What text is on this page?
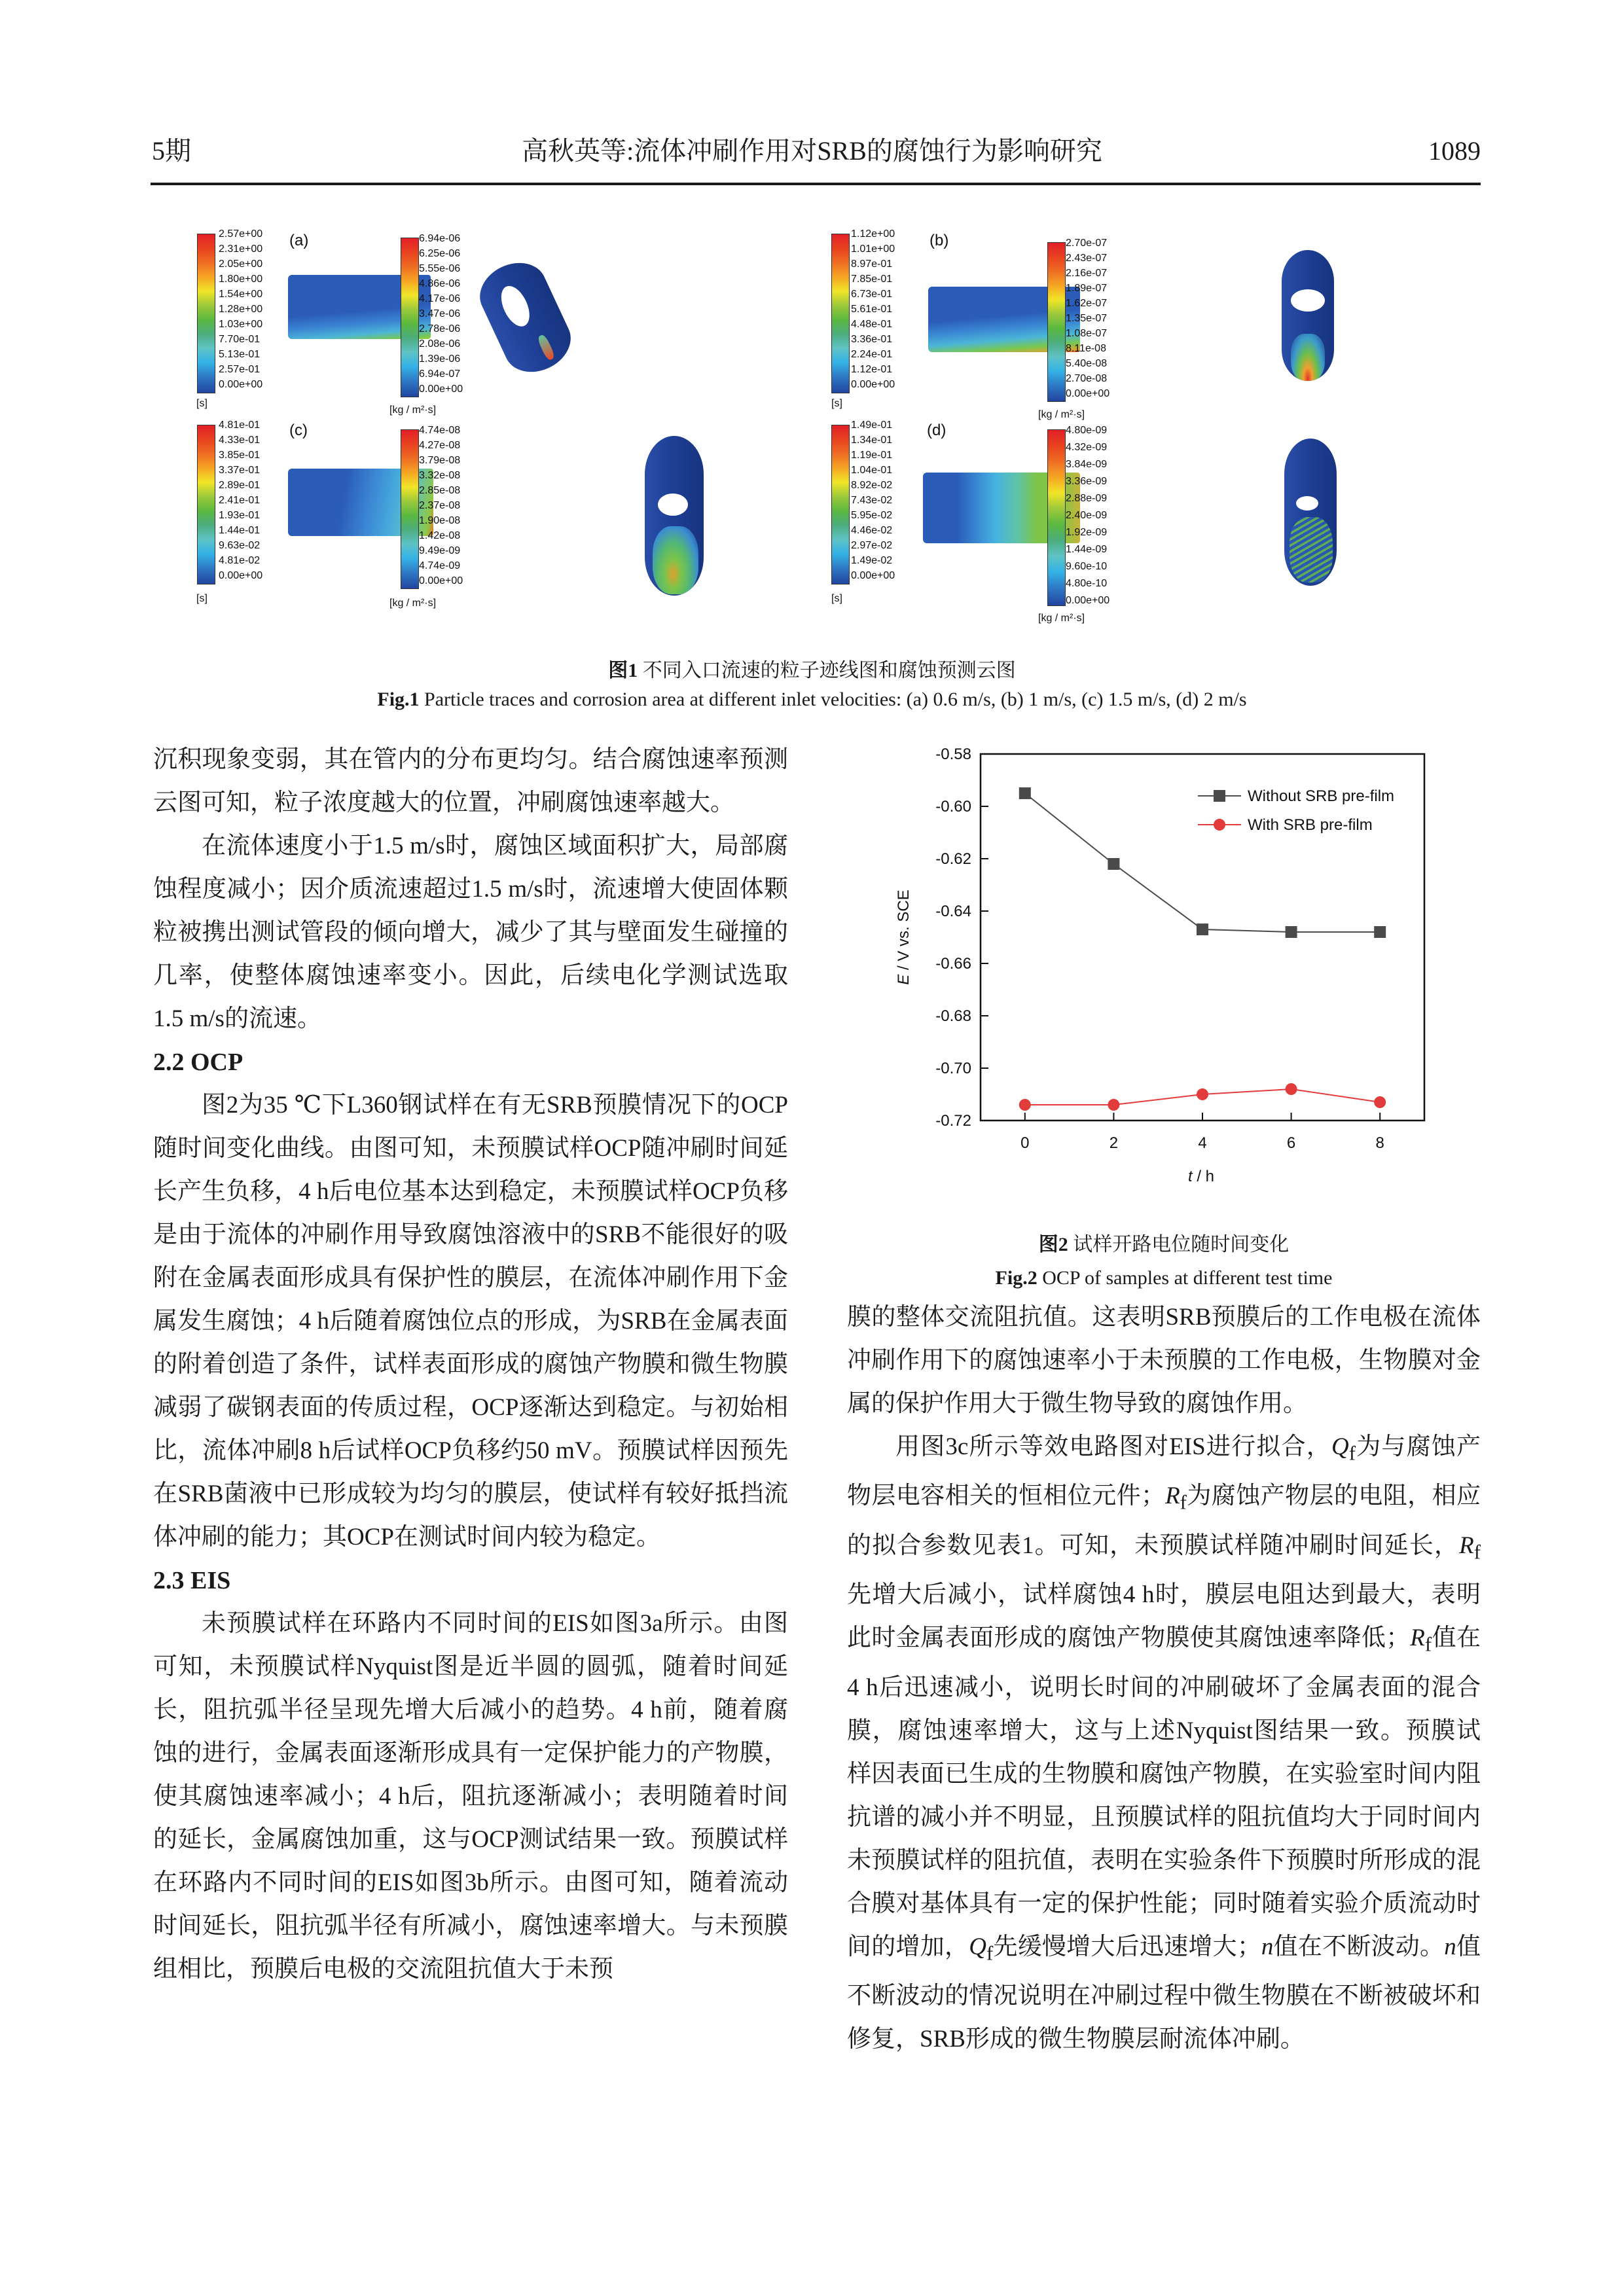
5期	高秋英等:流体冲刷作用对SRB的腐蚀行为影响研究	1089
2.57e+00
2.31e+00
2.05e+00
1.80e+00
1.54e+00
1.28e+00
1.03e+00
7.70e-01
5.13e-01
2.57e-01
0.00e+00
[s]
(a)	6.94e-06
6.25e-06
5.55e-06
4.86e-06
4.17e-06
3.47e-06
2.78e-06
2.08e-06
1.39e-06
6.94e-07
0.00e+00
[kg / m²·s]
1.12e+00
1.01e+00
8.97e-01
7.85e-01
6.73e-01
5.61e-01
4.48e-01
3.36e-01
2.24e-01
1.12e-01
0.00e+00
[s]
(b)	2.70e-07
2.43e-07
2.16e-07
1.89e-07
1.62e-07
1.35e-07
1.08e-07
8.11e-08
5.40e-08
2.70e-08
0.00e+00
[kg / m²·s]
4.81e-01
4.33e-01
3.85e-01
3.37e-01
2.89e-01
2.41e-01
1.93e-01
1.44e-01
9.63e-02
4.81e-02
0.00e+00
[s]
(c)	4.74e-08
4.27e-08
3.79e-08
3.32e-08
2.85e-08
2.37e-08
1.90e-08
1.42e-08
9.49e-09
4.74e-09
0.00e+00
[kg / m²·s]
1.49e-01
1.34e-01
1.19e-01
1.04e-01
8.92e-02
7.43e-02
5.95e-02
4.46e-02
2.97e-02
1.49e-02
0.00e+00
[s]
(d)	4.80e-09
4.32e-09
3.84e-09
3.36e-09
2.88e-09
2.40e-09
1.92e-09
1.44e-09
9.60e-10
4.80e-10
0.00e+00
[kg / m²·s]
图1 不同入口流速的粒子迹线图和腐蚀预测云图
Fig.1 Particle traces and corrosion area at different inlet velocities: (a) 0.6 m/s, (b) 1 m/s, (c) 1.5 m/s, (d) 2 m/s

沉积现象变弱，其在管内的分布更均匀。结合腐蚀速率预测云图可知，粒子浓度越大的位置，冲刷腐蚀速率越大。

在流体速度小于1.5 m/s时，腐蚀区域面积扩大，局部腐蚀程度减小；因介质流速超过1.5 m/s时，流速增大使固体颗粒被携出测试管段的倾向增大，减少了其与壁面发生碰撞的几率，使整体腐蚀速率变小。因此，后续电化学测试选取1.5 m/s的流速。

2.2 OCP

图2为35 ℃下L360钢试样在有无SRB预膜情况下的OCP随时间变化曲线。由图可知，未预膜试样OCP随冲刷时间延长产生负移，4 h后电位基本达到稳定，未预膜试样OCP负移是由于流体的冲刷作用导致腐蚀溶液中的SRB不能很好的吸附在金属表面形成具有保护性的膜层，在流体冲刷作用下金属发生腐蚀；4 h后随着腐蚀位点的形成，为SRB在金属表面的附着创造了条件，试样表面形成的腐蚀产物膜和微生物膜减弱了碳钢表面的传质过程，OCP逐渐达到稳定。与初始相比，流体冲刷8 h后试样OCP负移约50 mV。预膜试样因预先在SRB菌液中已形成较为均匀的膜层，使试样有较好抵挡流体冲刷的能力；其OCP在测试时间内较为稳定。

2.3 EIS

未预膜试样在环路内不同时间的EIS如图3a所示。由图可知，未预膜试样Nyquist图是近半圆的圆弧，随着时间延长，阻抗弧半径呈现先增大后减小的趋势。4 h前，随着腐蚀的进行，金属表面逐渐形成具有一定保护能力的产物膜，使其腐蚀速率减小；4 h后，阻抗逐渐减小；表明随着时间的延长，金属腐蚀加重，这与OCP测试结果一致。预膜试样在环路内不同时间的EIS如图3b所示。由图可知，随着流动时间延长，阻抗弧半径有所减小，腐蚀速率增大。与未预膜组相比，预膜后电极的交流阻抗值大于未预

-0.58
-0.60
-0.62
-0.64
-0.66
-0.68
-0.70
-0.72
0	2	4	6	8
E / V vs. SCE
t / h
Without SRB pre-film
With SRB pre-film
图2 试样开路电位随时间变化
Fig.2 OCP of samples at different test time

膜的整体交流阻抗值。这表明SRB预膜后的工作电极在流体冲刷作用下的腐蚀速率小于未预膜的工作电极，生物膜对金属的保护作用大于微生物导致的腐蚀作用。

用图3c所示等效电路图对EIS进行拟合，$Q_f$为与腐蚀产物层电容相关的恒相位元件；$R_f$为腐蚀产物层的电阻，相应的拟合参数见表1。可知，未预膜试样随冲刷时间延长，$R_f$先增大后减小，试样腐蚀4 h时，膜层电阻达到最大，表明此时金属表面形成的腐蚀产物膜使其腐蚀速率降低；$R_f$值在4 h后迅速减小，说明长时间的冲刷破坏了金属表面的混合膜，腐蚀速率增大，这与上述Nyquist图结果一致。预膜试样因表面已生成的生物膜和腐蚀产物膜，在实验室时间内阻抗谱的减小并不明显，且预膜试样的阻抗值均大于同时间内未预膜试样的阻抗值，表明在实验条件下预膜时所形成的混合膜对基体具有一定的保护性能；同时随着实验介质流动时间的增加，$Q_f$先缓慢增大后迅速增大；n值在不断波动。n值不断波动的情况说明在冲刷过程中微生物膜在不断被破坏和修复，SRB形成的微生物膜层耐流体冲刷。
